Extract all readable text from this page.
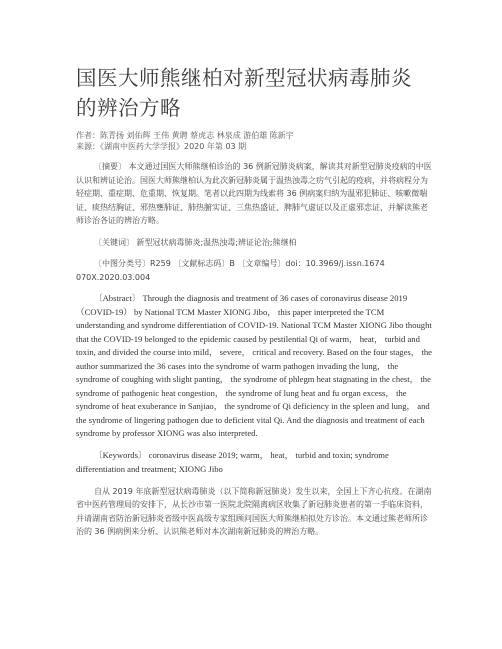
国医大师熊继柏对新型冠状病毒肺炎的辨治方略
作者：陈青扬 刘佑辉 王伟 黄聘 蔡虎志 林泉成 游伯雄 陈新宇
来源：《湖南中医药大学学报》2020 年第 03 期

〔摘要〕 本文通过国医大师熊继柏诊治的 36 例新冠肺炎病案，解读其对新型冠肺炎疫病的中医认识和辨证论治。国医大师熊继柏认为此次新冠肺炎属于温热浊毒之疠气引起的疫病，并将病程分为轻症期、重症期、危重期、恢复期。笔者以此四期为线索将 36 例病案归纳为温邪犯肺证、咳嗽微喘证、痰热结胸证、邪热壅肺证、肺热腑实证、三焦热盛证、脾肺气虚证以及正虚邪恋证，并解读熊老师诊治各证的辨治方略。

〔关键词〕 新型冠状病毒肺炎;温热浊毒;辨证论治;熊继柏

〔中图分类号〕R259 〔文献标志码〕B 〔文章编号〕doi：10.3969/j.issn.1674 070X.2020.03.004

〔Abstract〕 Through the diagnosis and treatment of 36 cases of coronavirus disease 2019 （COVID-19） by National TCM Master XIONG Jibo， this paper interpreted the TCM understanding and syndrome differentiation of COVID-19. National TCM Master XIONG Jibo thought that the COVID-19 belonged to the epidemic caused by pestilential Qi of warm， heat， turbid and toxin, and divided the course into mild， severe， critical and recovery. Based on the four stages， the author summarized the 36 cases into the syndrome of warm pathogen invading the lung， the syndrome of coughing with slight panting， the syndrome of phlegm heat stagnating in the chest， the syndrome of pathogenic heat congestion， the syndrome of lung heat and fu organ excess， the syndrome of heat exuberance in Sanjiao， the syndrome of Qi deficiency in the spleen and lung， and the syndrome of lingering pathogen due to deficient vital Qi. And the diagnosis and treatment of each syndrome by professor XIONG was also interpreted.

〔Keywords〕 coronavirus disease 2019; warm， heat， turbid and toxin; syndrome differentiation and treatment; XIONG Jibo

自从 2019 年底新型冠状病毒肺炎（以下简称新冠肺炎）发生以来，全国上下齐心抗疫。在湖南省中医药管理局的安排下，从长沙市第一医院北院隔离病区收集了新冠肺炎患者的第一手临床资料，并请湖南省防治新冠肺炎省级中医高级专家组顾问国医大师熊继柏拟处方诊治。本文通过熊老师所诊治的 36 例病例来分析、认识熊老师对本次湖南新冠肺炎的辨治方略。
